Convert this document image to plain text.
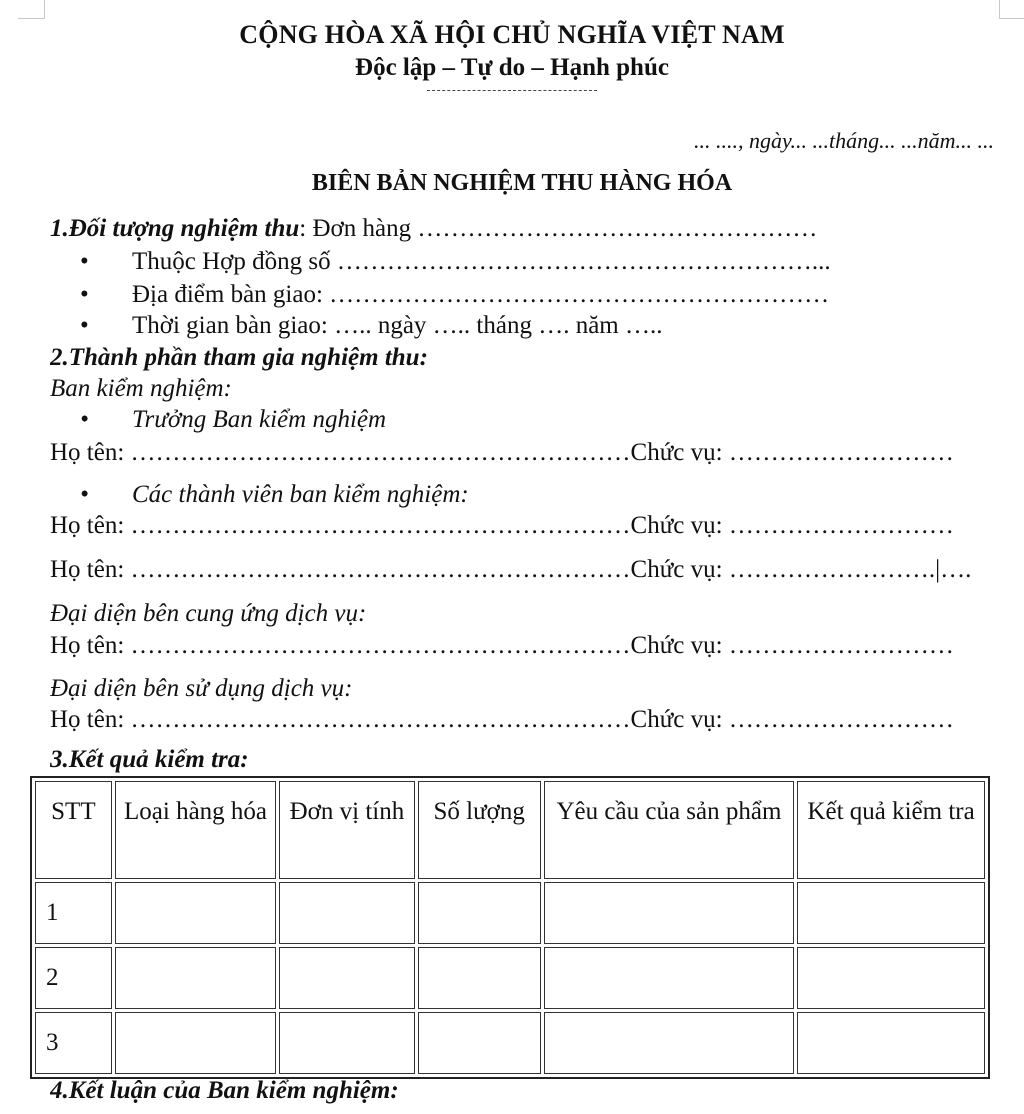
CỘNG HÒA XÃ HỘI CHỦ NGHĨA VIỆT NAM
Độc lập – Tự do – Hạnh phúc
... ...., ngày... ...tháng... ...năm... ...
BIÊN BẢN NGHIỆM THU HÀNG HÓA
1.Đối tượng nghiệm thu: Đơn hàng …………………………………………
• Thuộc Hợp đồng số …………………………………………………...
• Địa điểm bàn giao: ……………………………………………………
• Thời gian bàn giao: ….. ngày ….. tháng …. năm …..
2.Thành phần tham gia nghiệm thu:
Ban kiểm nghiệm:
• Trưởng Ban kiểm nghiệm
Họ tên: ……………………………………………………Chức vụ: ………………………
• Các thành viên ban kiểm nghiệm:
Họ tên: ……………………………………………………Chức vụ: ………………………
Họ tên: ……………………………………………………Chức vụ: …………………….|….
Đại diện bên cung ứng dịch vụ:
Họ tên: ……………………………………………………Chức vụ: ………………………
Đại diện bên sử dụng dịch vụ:
Họ tên: ……………………………………………………Chức vụ: ………………………
3.Kết quả kiểm tra:
STT	Loại hàng hóa	Đơn vị tính	Số lượng	Yêu cầu của sản phẩm	Kết quả kiểm tra
1					
2					
3					
4.Kết luận của Ban kiểm nghiệm:
